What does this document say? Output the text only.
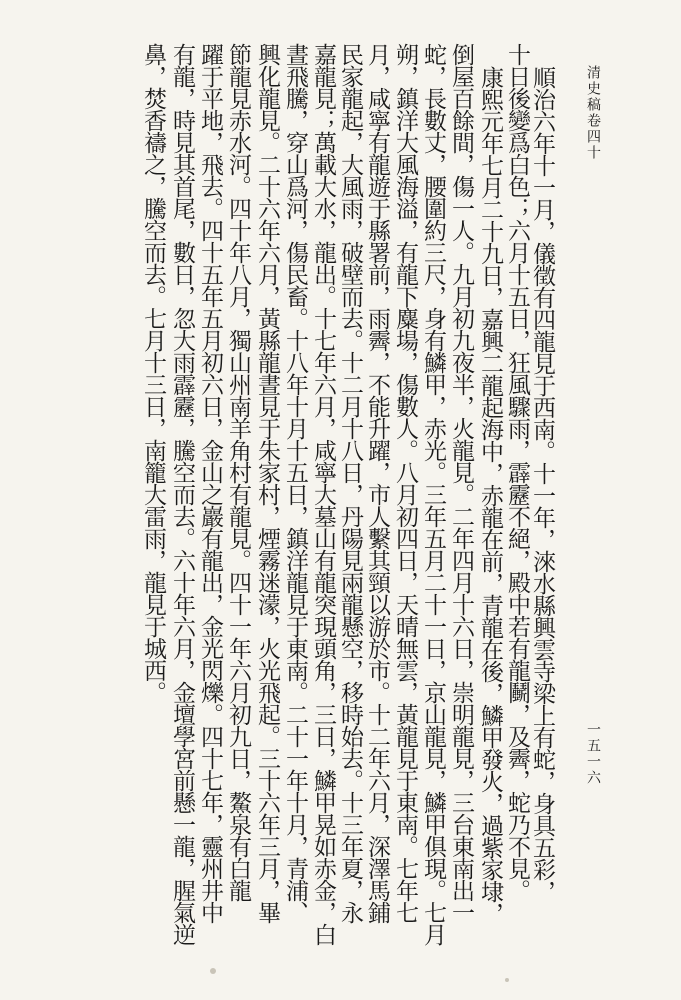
清史稿卷四十
一五一六
順治六年十一月，儀徵有四龍見于西南。十一年，淶水縣興雲寺梁上有蛇，身具五彩，
十日後變爲白色；六月十五日，狂風驟雨，霹靂不絕，殿中若有龍鬭，及霽，蛇乃不見。
康熙元年七月二十九日，嘉興二龍起海中，赤龍在前，青龍在後，鱗甲發火，過紫家埭，
倒屋百餘間，傷一人。九月初九夜半，火龍見。二年四月十六日，崇明龍見，三台東南出一
蛇，長數丈，腰圍約三尺，身有鱗甲，赤光。三年五月二十一日，京山龍見，鱗甲俱現。七月
朔，鎮洋大風海溢，有龍下麋場，傷數人。八月初四日，天晴無雲，黃龍見于東南。七年七
月，咸寧有龍遊于縣署前，雨霽，不能升躍，市人繫其頸以游於市。十二年六月，深澤馬鋪
民家龍起，大風雨，破壁而去。十二月十八日，丹陽見兩龍懸空，移時始去。十三年夏，永
嘉龍見；萬載大水，龍出。十七年六月，咸寧大墓山有龍突現頭角，三日，鱗甲晃如赤金，白
晝飛騰，穿山爲河，傷民畜。十八年十月十五日，鎮洋龍見于東南。二十一年十月，青浦、
興化龍見。二十六年六月，黃縣龍晝見于朱家村，煙霧迷濛，火光飛起。三十六年三月，畢
節龍見赤水河。四十年八月，獨山州南羊角村有龍見。四十一年六月初九日，鰲泉有白龍
躍于平地，飛去。四十五年五月初六日，金山之巖有龍出，金光閃爍。四十七年，靈州井中
有龍，時見其首尾，數日，忽大雨霹靂，騰空而去。六十年六月，金壇學宮前懸一龍，腥氣逆
鼻，焚香禱之，騰空而去。七月十三日，南籠大雷雨，龍見于城西。
